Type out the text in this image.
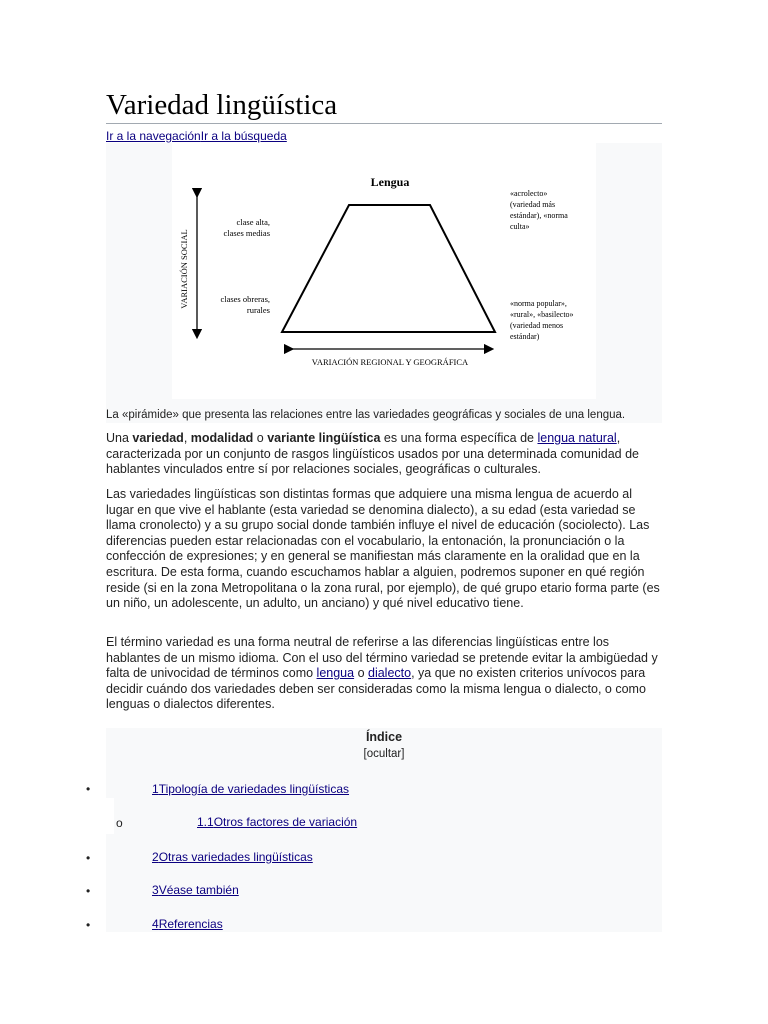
Variedad lingüística
Ir a la navegaciónIr a la búsqueda
Lengua
VARIACIÓN SOCIAL
VARIACIÓN REGIONAL Y GEOGRÁFICA
clase alta,
clases medias
clases obreras,
rurales
«acrolecto»
(variedad más
estándar), «norma
culta»
«norma popular»,
«rural», «basilecto»
(variedad menos
estándar)
La «pirámide» que presenta las relaciones entre las variedades geográficas y sociales de una lengua.

Una variedad, modalidad o variante lingüística es una forma específica de lengua natural, caracterizada por un conjunto de rasgos lingüísticos usados por una determinada comunidad de hablantes vinculados entre sí por relaciones sociales, geográficas o culturales.

Las variedades lingüísticas son distintas formas que adquiere una misma lengua de acuerdo al lugar en que vive el hablante (esta variedad se denomina dialecto), a su edad (esta variedad se llama cronolecto) y a su grupo social donde también influye el nivel de educación (sociolecto). Las diferencias pueden estar relacionadas con el vocabulario, la entonación, la pronunciación o la confección de expresiones; y en general se manifiestan más claramente en la oralidad que en la escritura. De esta forma, cuando escuchamos hablar a alguien, podremos suponer en qué región reside (si en la zona Metropolitana o la zona rural, por ejemplo), de qué grupo etario forma parte (es un niño, un adolescente, un adulto, un anciano) y qué nivel educativo tiene.

El término variedad es una forma neutral de referirse a las diferencias lingüísticas entre los hablantes de un mismo idioma. Con el uso del término variedad se pretende evitar la ambigüedad y falta de univocidad de términos como lengua o dialecto, ya que no existen criterios unívocos para decidir cuándo dos variedades deben ser consideradas como la misma lengua o dialecto, o como lenguas o dialectos diferentes.

Índice
[ocultar]
•	1Tipología de variedades lingüísticas
o	1.1Otros factores de variación
•	2Otras variedades lingüísticas
•	3Véase también
•	4Referencias
